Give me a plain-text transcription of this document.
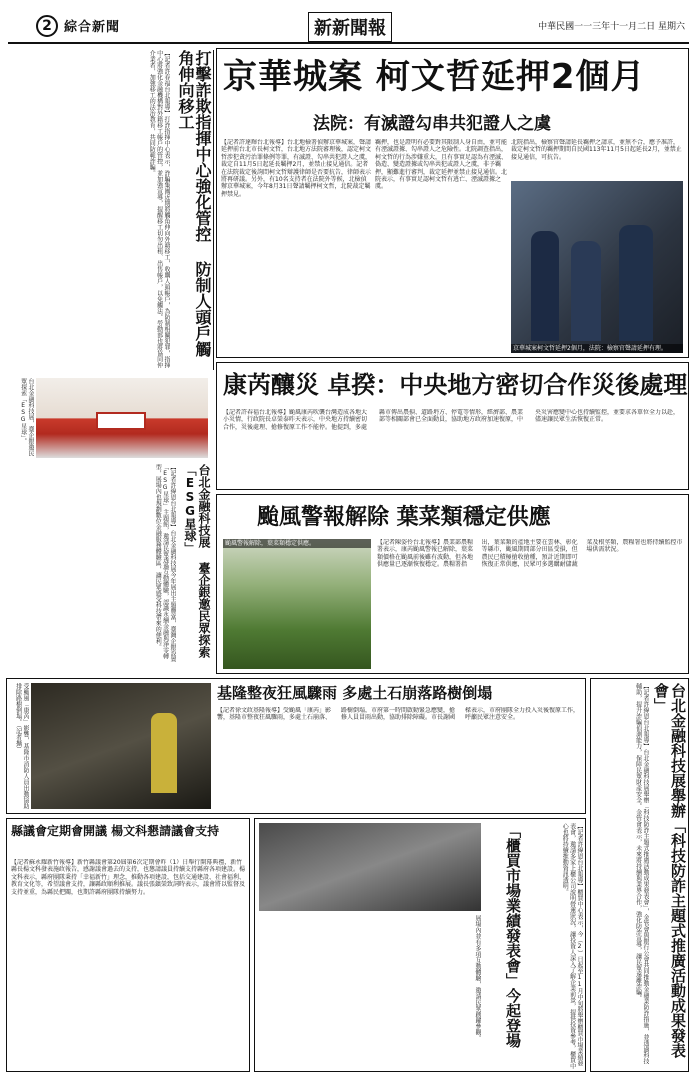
2 綜合新聞	新新聞報	中華民國一一三年十一月二日 星期六
打擊詐欺指揮中心強化管控 防制人頭戶觸角伸向移工
【記者許春福台北報導】打詐指揮中心表示，詐騙集團近期將觸角伸向外籍移工，收購人頭帳戶，為防制相關犯罪，指揮中心將強化金融機構對外籍移工帳戶的管控，並加強宣導，提醒移工切勿出租、出售帳戶，以免觸法。勞動部也將協同仲介業者，加強移工的法治教育，共同防範詐騙。	京華城案 柯文哲延押2個月
法院：有滅證勾串共犯證人之虞
【記者許達輝台北報導】台北地檢署偵辦京華城案，聲請延押前台北市長柯文哲，台北地方法院審理後，認定柯文哲涉犯貪污治罪條例等罪，有滅證、勾串共犯證人之虞，裁定自11月5日起延長羈押2月，並禁止接見通信。記者在法院裁定後詢問柯文哲辯護律師是否要抗告，律師表示將再研議。另外，有10名支持者在法院外等候，北檢偵辦京華城案，今年8月31日聲請羈押柯文哲，北院裁定羈押禁見。
羈押，也是證明有必要對其限制人身自由，並可能有湮滅證據、勾串證人之危險性。北院調查指出，柯文哲的行為涉嫌重大，且有事實足認為有湮滅、偽造、變造證據或勾串共犯或證人之虞，非予羈押，顯難進行審判，裁定延押並禁止接見通信。北院表示，有事實足認柯文哲有逃亡、湮滅證據之虞。
北院指出，檢察官聲請延長羈押之請求，並無不合，應予准許，裁定柯文哲的羈押期間自民國113年11月5日起延長2月，並禁止接見通信，可抗告。
京華城案柯文哲延押2個月，法院：檢察官聲請延押有理。
台北金融科技展，臺企銀邀民眾探索「ESG星球」。
台北金融科技展 臺企銀邀民眾探索「ESG星球」
【記者許緯恩台北報導】台北金融科技展今年展出主題豐富，臺灣企銀設置「ESG星球」主題館，邀請民眾透過互動體驗，認識永續金融與淨零轉型，展場內也規劃數位金融服務體驗區，讓民眾感受科技帶來的便利。
康芮釀災 卓揆：中央地方密切合作災後處理
【記者許春福台北報導】颱風康芮吹襲台灣造成各地大小災情，行政院長卓榮泰昨天表示，中央地方持續密切合作，災後處理、搶修復原工作不能停。他提到，多處縣市傳出農損、道路坍方、停電等情形，經濟部、農業部等相關部會已全面動員，協助地方政府加速復原，中央災害應變中心也持續監控，並要求各單位全力以赴，儘速讓民眾生活恢復正常。
颱風警報解除 葉菜類穩定供應
颱風警報解除，葉菜類穩定供應。	【記者陳姿伶台北報導】農業部農糧署表示，康芮颱風警報已解除，葉菜類價格在颱風前後雖有波動，但各地供應量已逐漸恢復穩定。農糧署指出，葉菜類的產地主要在雲林、彰化等縣市，颱風期間部分田區受損，但農民已積極搶收搶種，預計近期即可恢復正常供應，民眾可多選購耐儲蔬菜及根莖類，農糧署也將持續監控市場供需狀況。
台北金融科技展舉辦「科技防詐主題式推廣活動成果發表會」
【記者許緯恩台北報導】台北金融科技展舉辦「科技防詐主題式推廣活動成果發表會」，金管會與銀行公會共同推動金融業防詐措施，並透過科技輔助，提升詐騙偵測能力，保障民眾財產安全。金管會表示，未來將持續與業界合作，強化防詐宣導，讓民眾遠離詐騙。
受颱風「康芮」影響，基隆市消防人員出動協助排除路樹倒塌。（記者攝）	基隆整夜狂風驟雨 多處土石崩落路樹倒塌
【記者徐文政基隆報導】受颱風「康芮」影響，基隆市整夜狂風驟雨，多處土石崩落、路樹倒塌，市府第一時間啟動緊急應變，搶修人員冒雨出動，協助排除障礙。市長謝國樑表示，市府團隊全力投入災後復原工作，呼籲民眾注意安全。
縣議會定期會開議 楊文科懇請議會支持
【記者蘇永耀新竹報導】新竹縣議會第20屆第6次定期會昨（1）日舉行開幕典禮，新竹縣長楊文科發表施政報告，感謝議會過去的支持，也懇請議員持續支持縣府各項建設。楊文科表示，縣府團隊秉持「幸福新竹」理念，推動各項建設，包括交通建設、社會福利、教育文化等，希望議會支持，讓縣政順利推展。議長張鎮榮致詞時表示，議會將以監督及支持並重，為縣民把關，也期許縣府團隊持續努力。	「櫃買市場業績發表會」今起登場	【記者許緯恩台北報導】櫃買中心表示，今（2）日起至11月中旬將舉辦櫃買市場業績發表會，邀請多家上櫃公司說明營運狀況，讓投資人深入了解企業前景，提供投資參考，櫃買中心也將持續推動資訊透明。
展場內並有多項互動體驗，邀請民眾踴躍參觀。
